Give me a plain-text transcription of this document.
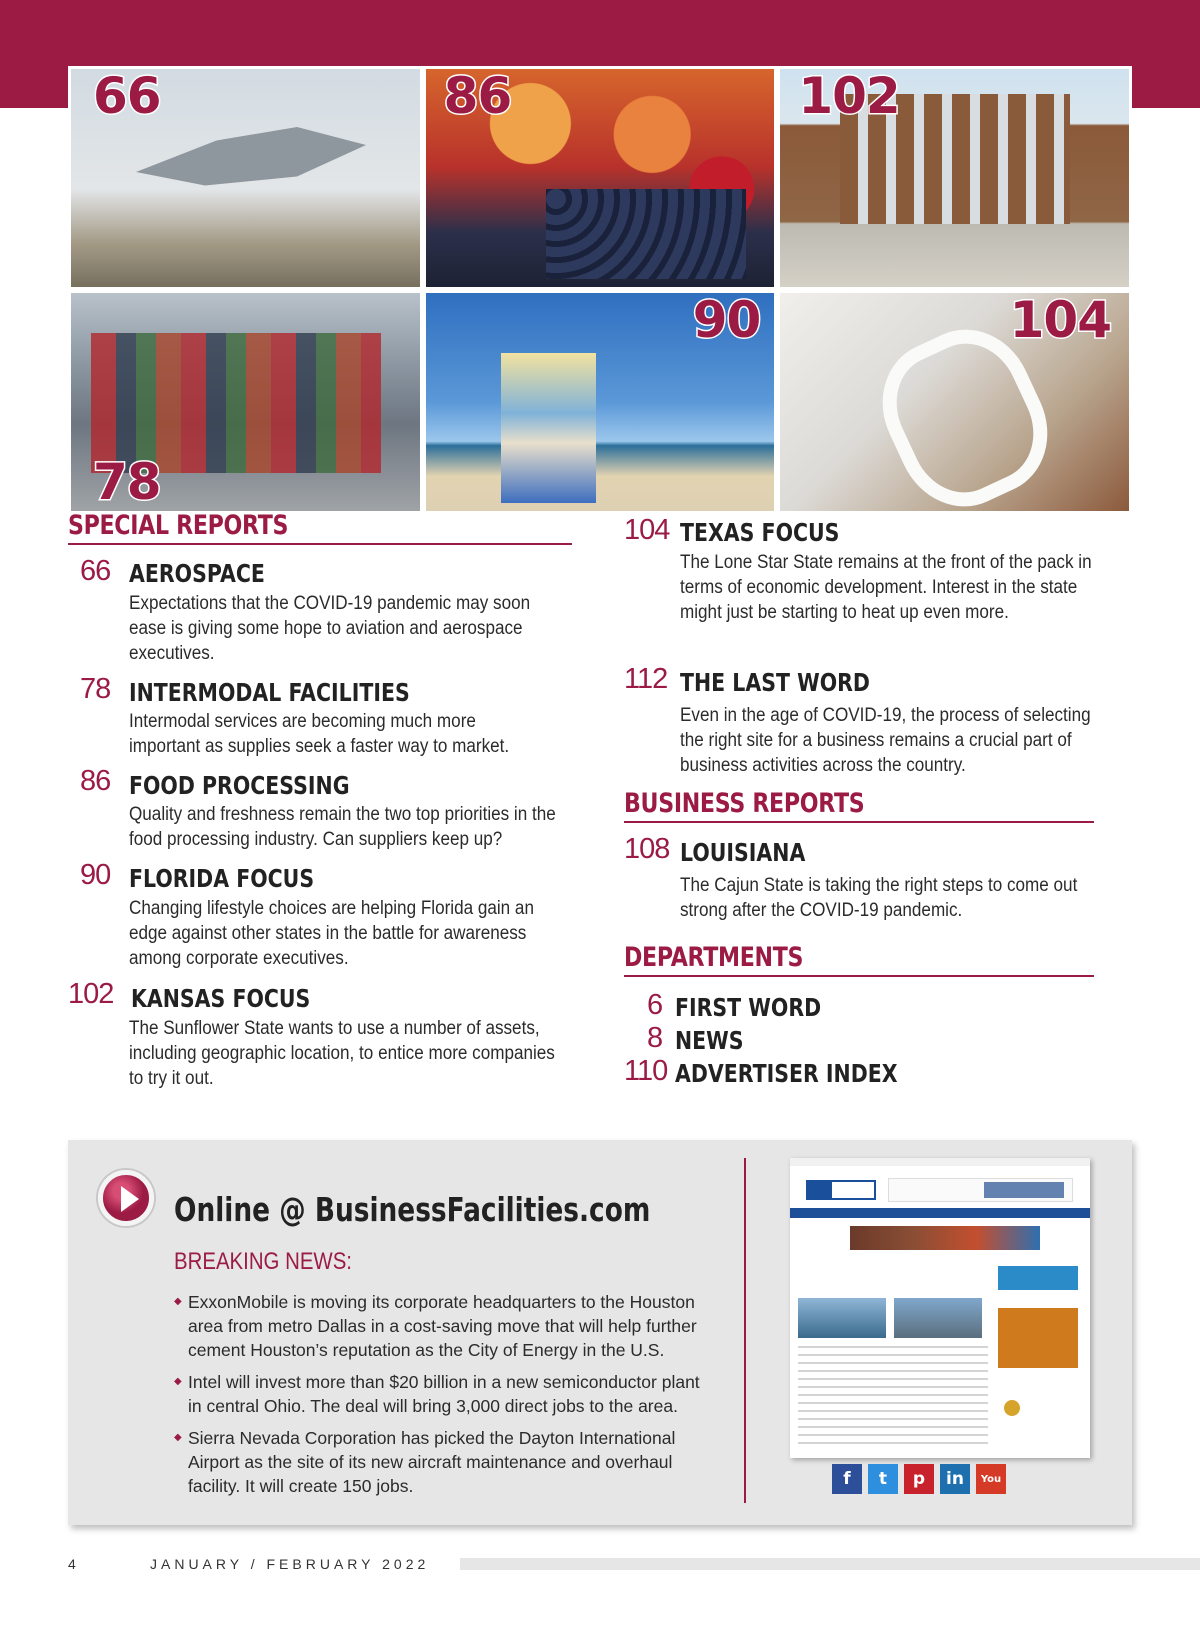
66	86	102
78
90	104
SPECIAL REPORTS
66 AEROSPACE
Expectations that the COVID-19 pandemic may soon ease is giving some hope to aviation and aerospace executives.
78 INTERMODAL FACILITIES
Intermodal services are becoming much more important as supplies seek a faster way to market.
86 FOOD PROCESSING
Quality and freshness remain the two top priorities in the food processing industry. Can suppliers keep up?
90 FLORIDA FOCUS
Changing lifestyle choices are helping Florida gain an edge against other states in the battle for awareness among corporate executives.
102 KANSAS FOCUS
The Sunflower State wants to use a number of assets, including geographic location, to entice more companies to try it out.
104 TEXAS FOCUS
The Lone Star State remains at the front of the pack in terms of economic development. Interest in the state might just be starting to heat up even more.
112 THE LAST WORD
Even in the age of COVID-19, the process of selecting the right site for a business remains a crucial part of business activities across the country.
BUSINESS REPORTS
108 LOUISIANA
The Cajun State is taking the right steps to come out strong after the COVID-19 pandemic.
DEPARTMENTS
6 FIRST WORD
8 NEWS
110 ADVERTISER INDEX
Online @ BusinessFacilities.com
BREAKING NEWS:
◆ ExxonMobile is moving its corporate headquarters to the Houston area from metro Dallas in a cost-saving move that will help further cement Houston’s reputation as the City of Energy in the U.S.
◆ Intel will invest more than $20 billion in a new semiconductor plant in central Ohio. The deal will bring 3,000 direct jobs to the area.
◆ Sierra Nevada Corporation has picked the Dayton International Airport as the site of its new aircraft maintenance and overhaul facility. It will create 150 jobs.	f	t	p	in	You
4	JANUARY / FEBRUARY 2022
